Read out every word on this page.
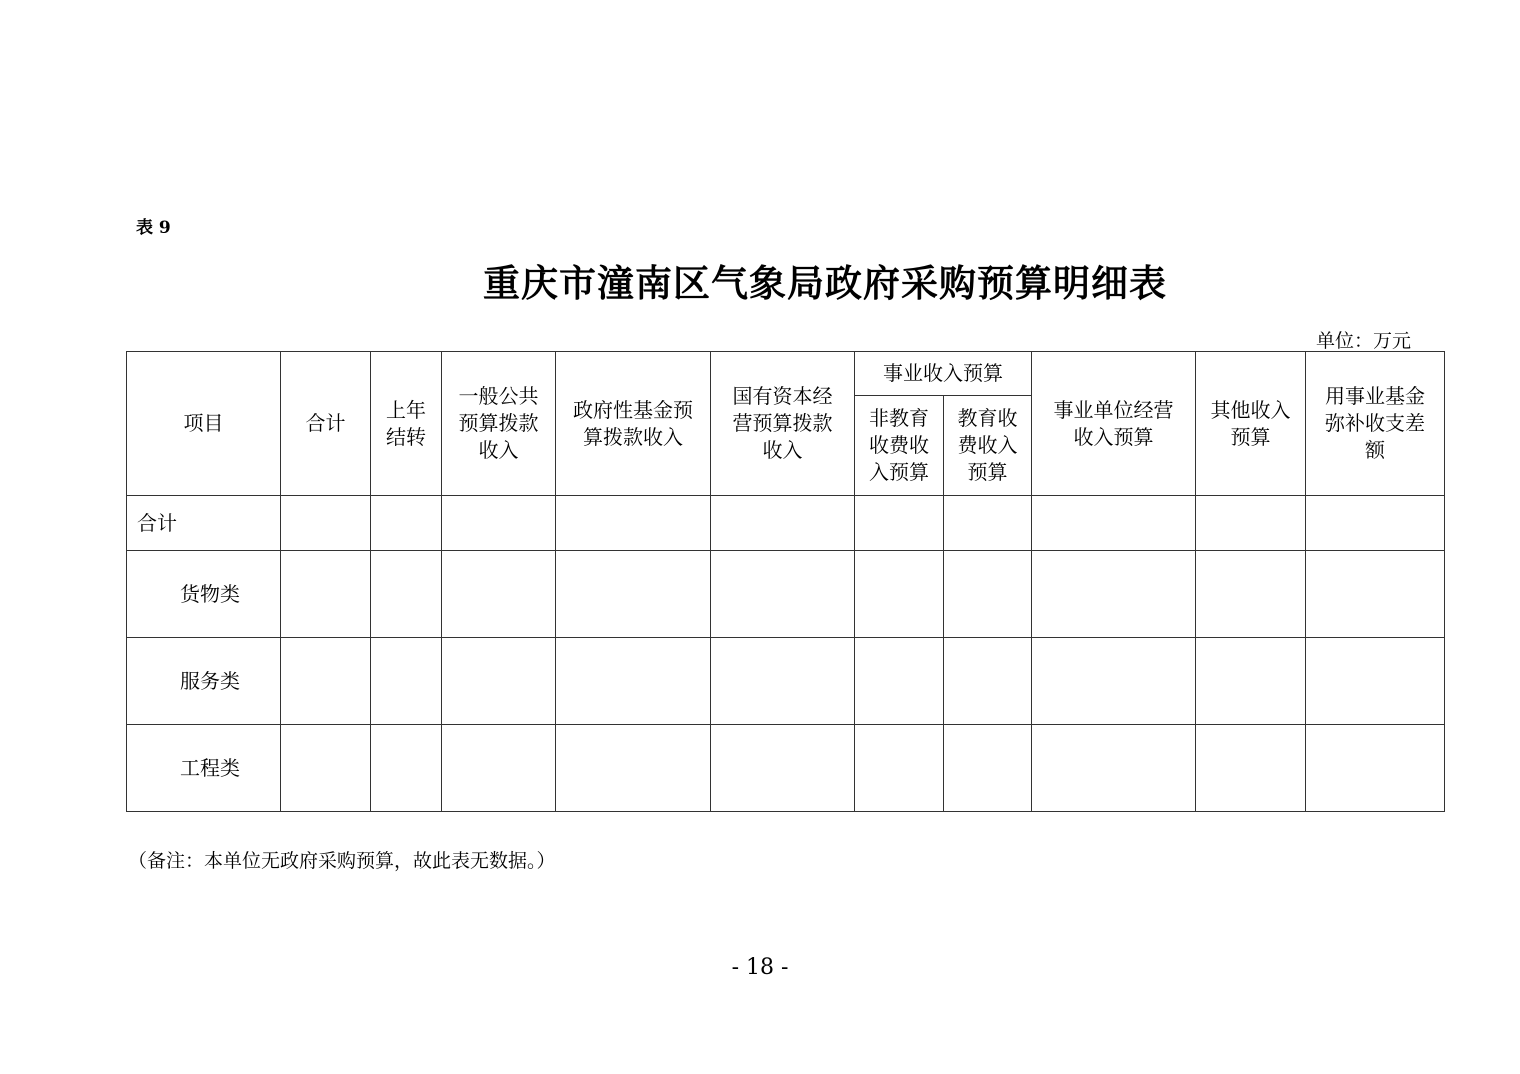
表 9
重庆市潼南区气象局政府采购预算明细表
单位：万元
项目	合计	上年结转	一般公共预算拨款收入	政府性基金预算拨款收入	国有资本经营预算拨款收入	事业收入预算		事业单位经营收入预算	其他收入预算	用事业基金弥补收支差额

						非教育收费收入预算	教育收费收入预算			

合计										
货物类										
服务类										
工程类										
（备注：本单位无政府采购预算，故此表无数据。）
- 18 -
